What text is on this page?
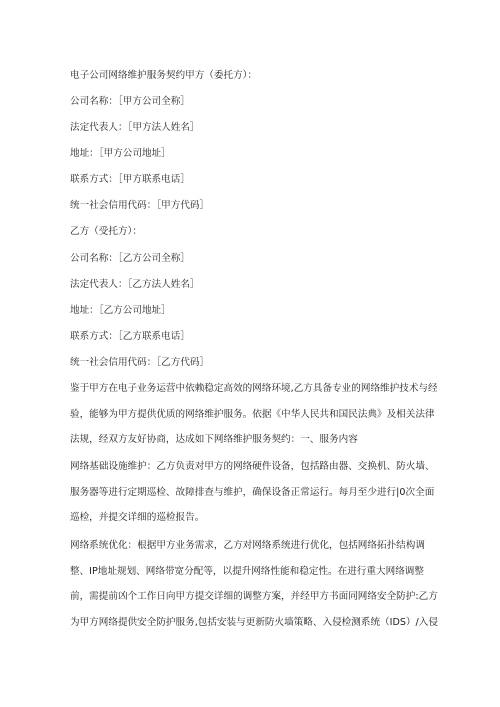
电子公司网络维护服务契约甲方（委托方）：
公司名称：［甲方公司全称］
法定代表人：［甲方法人姓名］
地址：［甲方公司地址］
联系方式：［甲方联系电话］
统一社会信用代码：［甲方代码］
乙方（受托方）：
公司名称：［乙方公司全称］
法定代表人：［乙方法人姓名］
地址：［乙方公司地址］
联系方式：［乙方联系电话］
统一社会信用代码：［乙方代码］
鉴于甲方在电子业务运营中依赖稳定高效的网络环境,乙方具备专业的网络维护技术与经
验，能够为甲方提供优质的网络维护服务。依据《中华人民共和国民法典》及相关法律
法规，经双方友好协商，达成如下网络维护服务契约：一、服务内容
网络基础设施维护：乙方负责对甲方的网络硬件设备，包括路由器、交换机、防火墙、
服务器等进行定期巡检、故障排查与维护，确保设备正常运行。每月至少进行|0次全面
巡检，并提交详细的巡检报告。
网络系统优化：根据甲方业务需求，乙方对网络系统进行优化，包括网络拓扑结构调
整、IP地址规划、网络带宽分配等，以提升网络性能和稳定性。在进行重大网络调整
前，需提前凶个工作日向甲方提交详细的调整方案，并经甲方书面同网络安全防护:乙方
为甲方网络提供安全防护服务,包括安装与更新防火墙策略、入侵检测系统（IDS）/入侵
